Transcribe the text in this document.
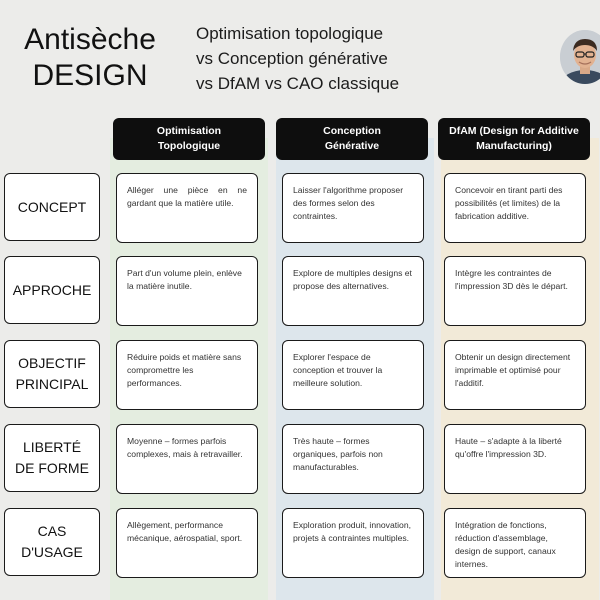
Antisèche
DESIGN
Optimisation topologique
vs Conception générative
vs DfAM vs CAO classique
Optimisation
Topologique
Conception
Générative
DfAM (Design for Additive
Manufacturing)
CONCEPT
Alléger une pièce en ne gardant que la matière utile.
Laisser l'algorithme proposer des formes selon des contraintes.
Concevoir en tirant parti des possibilités (et limites) de la fabrication additive.
APPROCHE
Part d'un volume plein, enlève la matière inutile.
Explore de multiples designs et propose des alternatives.
Intègre les contraintes de l'impression 3D dès le départ.
OBJECTIF
PRINCIPAL
Réduire poids et matière sans compromettre les performances.
Explorer l'espace de conception et trouver la meilleure solution.
Obtenir un design directement imprimable et optimisé pour l'additif.
LIBERTÉ
DE FORME
Moyenne – formes parfois complexes, mais à retravailler.
Très haute – formes organiques, parfois non manufacturables.
Haute – s'adapte à la liberté qu'offre l'impression 3D.
CAS
D'USAGE
Allègement, performance mécanique, aérospatial, sport.
Exploration produit, innovation, projets à contraintes multiples.
Intégration de fonctions, réduction d'assemblage, design de support, canaux internes.
